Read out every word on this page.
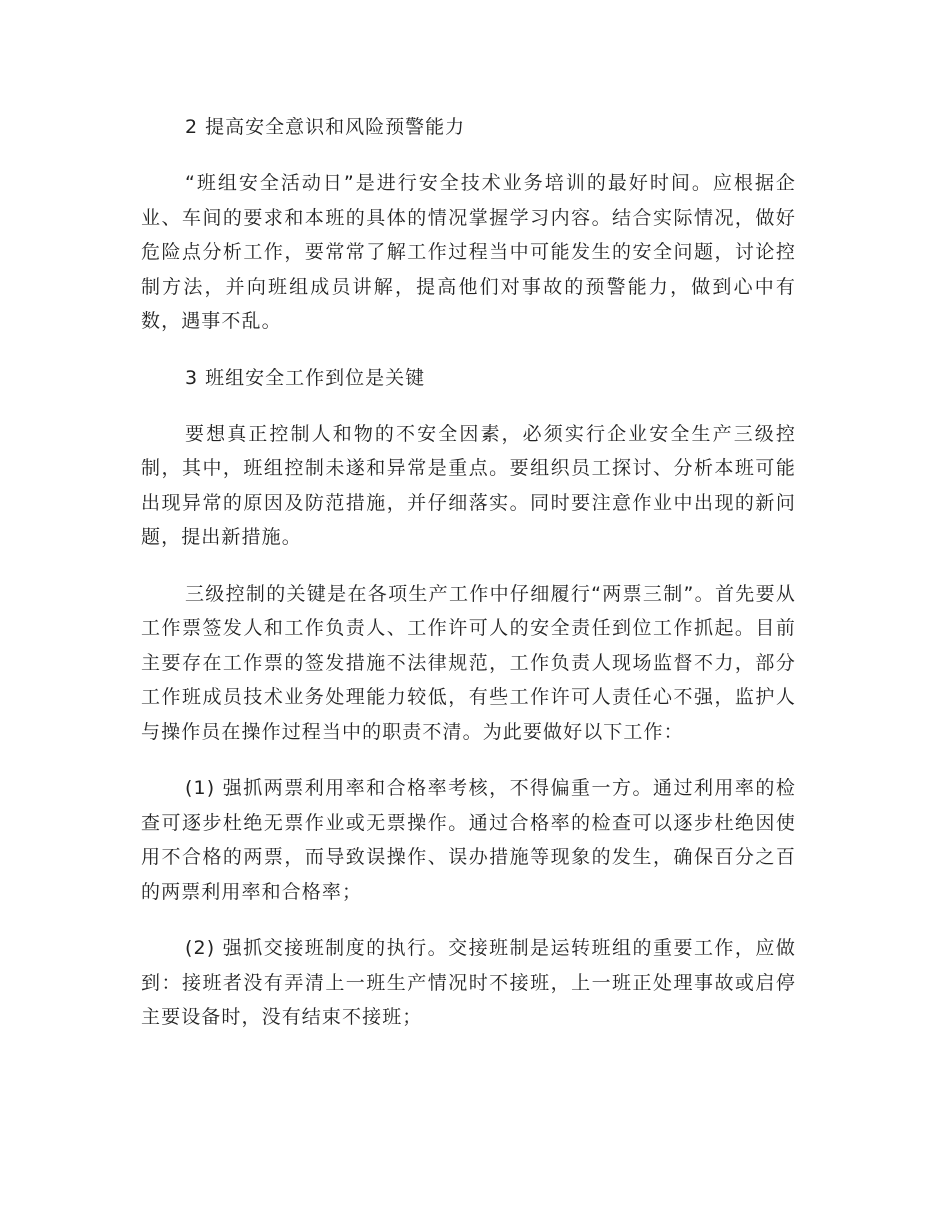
2 提高安全意识和风险预警能力

“班组安全活动日”是进行安全技术业务培训的最好时间。应根据企业、车间的要求和本班的具体的情况掌握学习内容。结合实际情况，做好危险点分析工作，要常常了解工作过程当中可能发生的安全问题，讨论控制方法，并向班组成员讲解，提高他们对事故的预警能力，做到心中有数，遇事不乱。

3 班组安全工作到位是关键

要想真正控制人和物的不安全因素，必须实行企业安全生产三级控制，其中，班组控制未遂和异常是重点。要组织员工探讨、分析本班可能出现异常的原因及防范措施，并仔细落实。同时要注意作业中出现的新问题，提出新措施。

三级控制的关键是在各项生产工作中仔细履行“两票三制”。首先要从工作票签发人和工作负责人、工作许可人的安全责任到位工作抓起。目前主要存在工作票的签发措施不法律规范，工作负责人现场监督不力，部分工作班成员技术业务处理能力较低，有些工作许可人责任心不强，监护人与操作员在操作过程当中的职责不清。为此要做好以下工作：

(1) 强抓两票利用率和合格率考核，不得偏重一方。通过利用率的检查可逐步杜绝无票作业或无票操作。通过合格率的检查可以逐步杜绝因使用不合格的两票，而导致误操作、误办措施等现象的发生，确保百分之百的两票利用率和合格率；

(2) 强抓交接班制度的执行。交接班制是运转班组的重要工作，应做到：接班者没有弄清上一班生产情况时不接班，上一班正处理事故或启停主要设备时，没有结束不接班；
